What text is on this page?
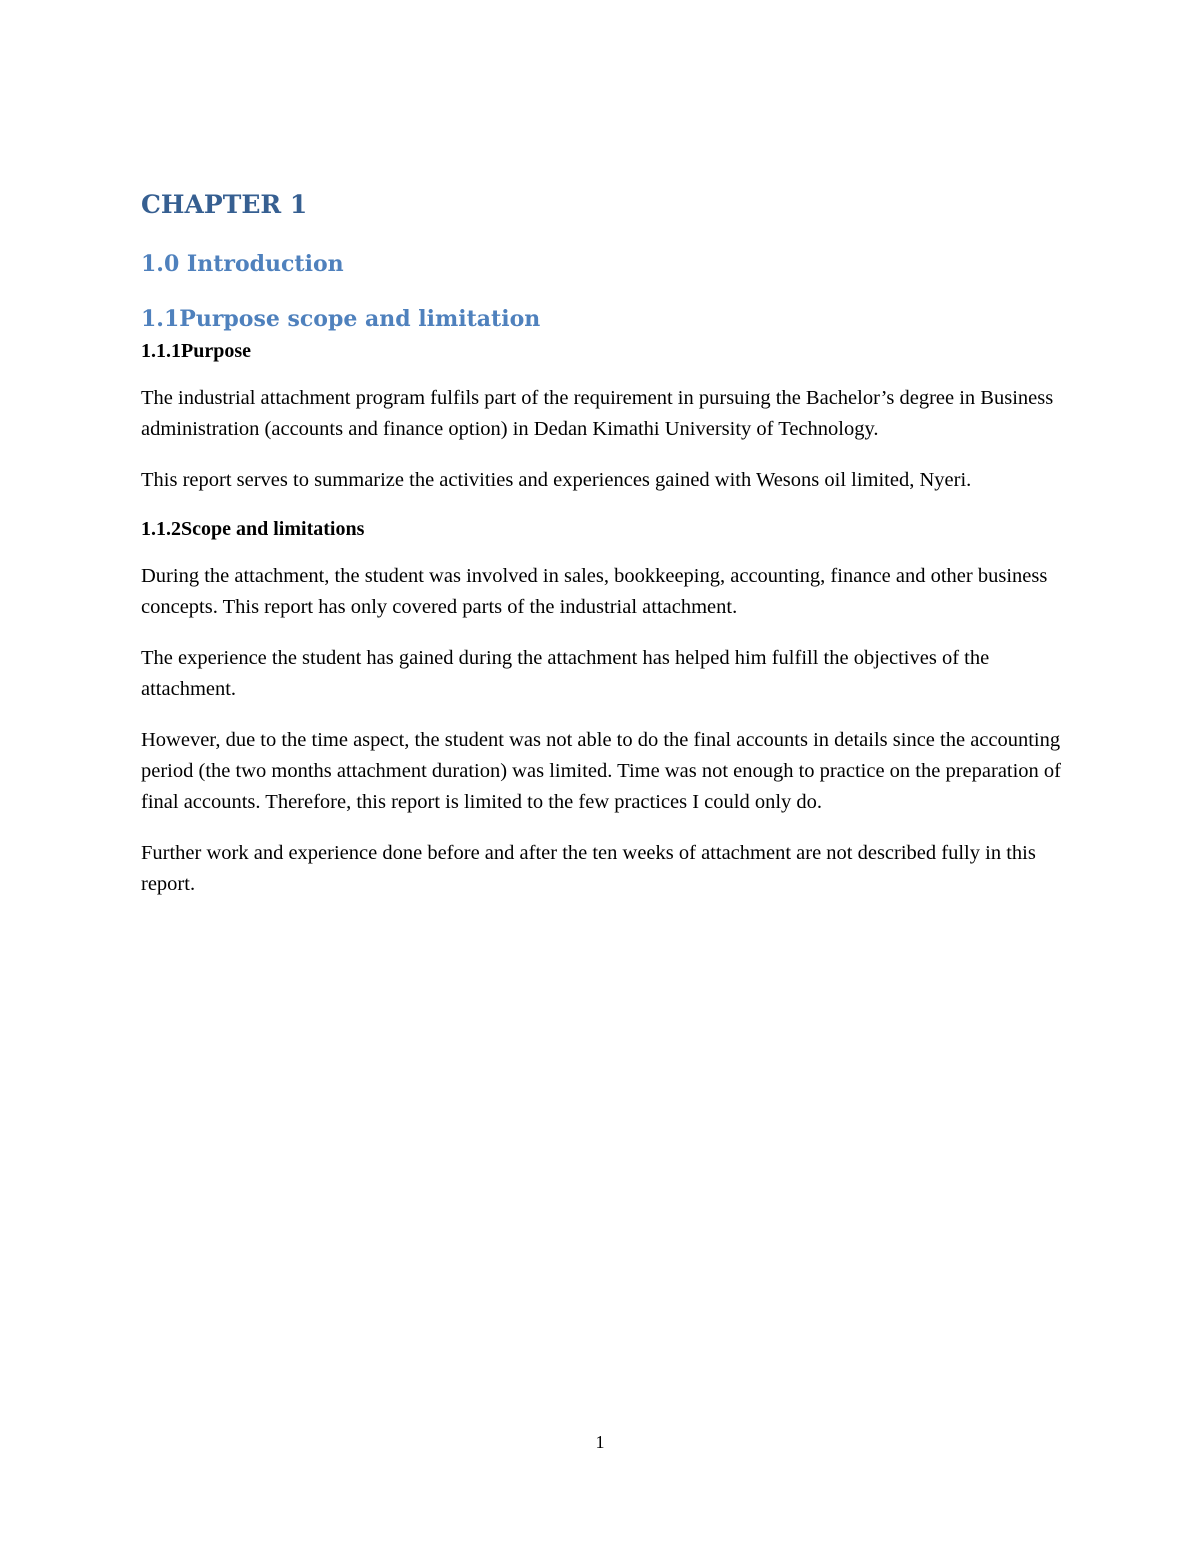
CHAPTER 1
1.0 Introduction
1.1Purpose scope and limitation
1.1.1Purpose

The industrial attachment program fulfils part of the requirement in pursuing the Bachelor’s degree in Business administration (accounts and finance option) in Dedan Kimathi University of Technology.

This report serves to summarize the activities and experiences gained with Wesons oil limited, Nyeri.

1.1.2Scope and limitations

During the attachment, the student was involved in sales, bookkeeping, accounting, finance and other business concepts. This report has only covered parts of the industrial attachment.

The experience the student has gained during the attachment has helped him fulfill the objectives of the attachment.

However, due to the time aspect, the student was not able to do the final accounts in details since the accounting period (the two months attachment duration) was limited. Time was not enough to practice on the preparation of final accounts. Therefore, this report is limited to the few practices I could only do.

Further work and experience done before and after the ten weeks of attachment are not described fully in this report.

1
